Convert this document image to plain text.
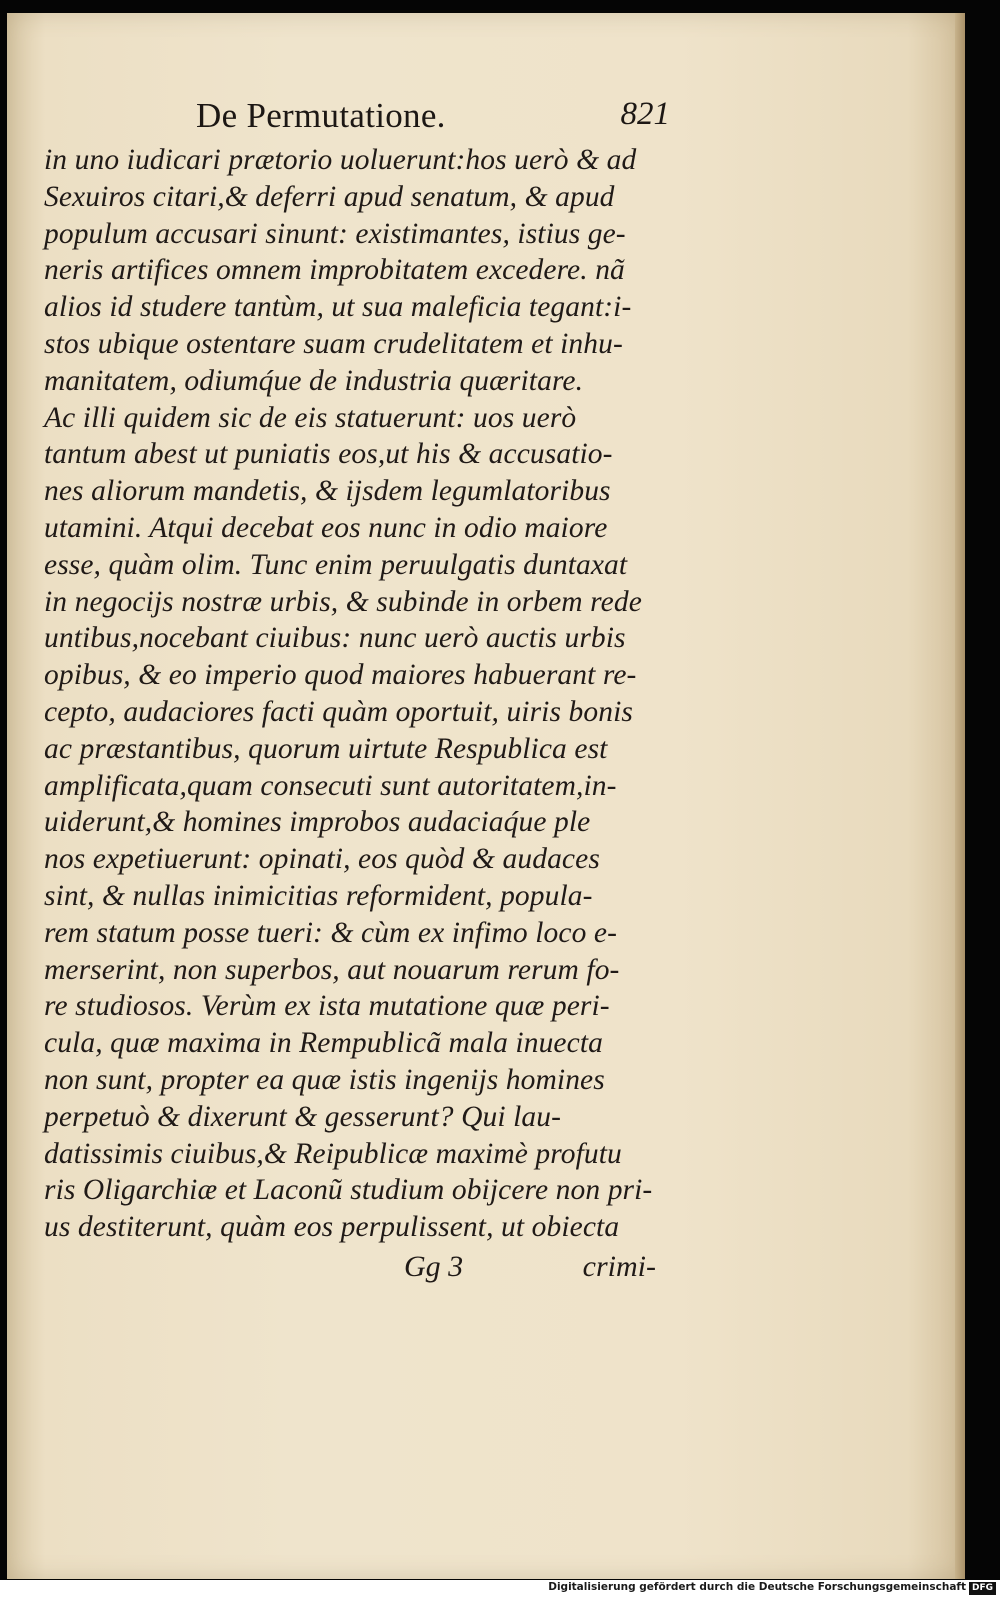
De Permutatione.	821
in uno iudicari prætorio uoluerunt:hos uerò & ad
Sexuiros citari,& deferri apud senatum, & apud
populum accusari sinunt: existimantes, istius ge-
neris artifices omnem improbitatem excedere. nã
alios id studere tantùm, ut sua maleficia tegant:i-
stos ubique ostentare suam crudelitatem et inhu-
manitatem, odiumq́ue de industria quæritare.
Ac illi quidem sic de eis statuerunt: uos uerò
tantum abest ut puniatis eos,ut his & accusatio-
nes aliorum mandetis, & ijsdem legumlatoribus
utamini. Atqui decebat eos nunc in odio maiore
esse, quàm olim. Tunc enim peruulgatis duntaxat
in negocijs nostræ urbis, & subinde in orbem rede
untibus,nocebant ciuibus: nunc uerò auctis urbis
opibus, & eo imperio quod maiores habuerant re-
cepto, audaciores facti quàm oportuit, uiris bonis
ac præstantibus, quorum uirtute Respublica est
amplificata,quam consecuti sunt autoritatem,in-
uiderunt,& homines improbos audaciaq́ue ple
nos expetiuerunt: opinati, eos quòd & audaces
sint, & nullas inimicitias reformident, popula-
rem statum posse tueri: & cùm ex infimo loco e-
merserint, non superbos, aut nouarum rerum fo-
re studiosos. Verùm ex ista mutatione quæ peri-
cula, quæ maxima in Rempublicã mala inuecta
non sunt, propter ea quæ istis ingenijs homines
perpetuò & dixerunt & gesserunt? Qui lau-
datissimis ciuibus,& Reipublicæ maximè profutu
ris Oligarchiæ et Laconũ studium obijcere non pri-
us destiterunt, quàm eos perpulissent, ut obiecta
Gg 3	crimi-
Digitalisierung gefördert durch die Deutsche Forschungsgemeinschaft DFG
